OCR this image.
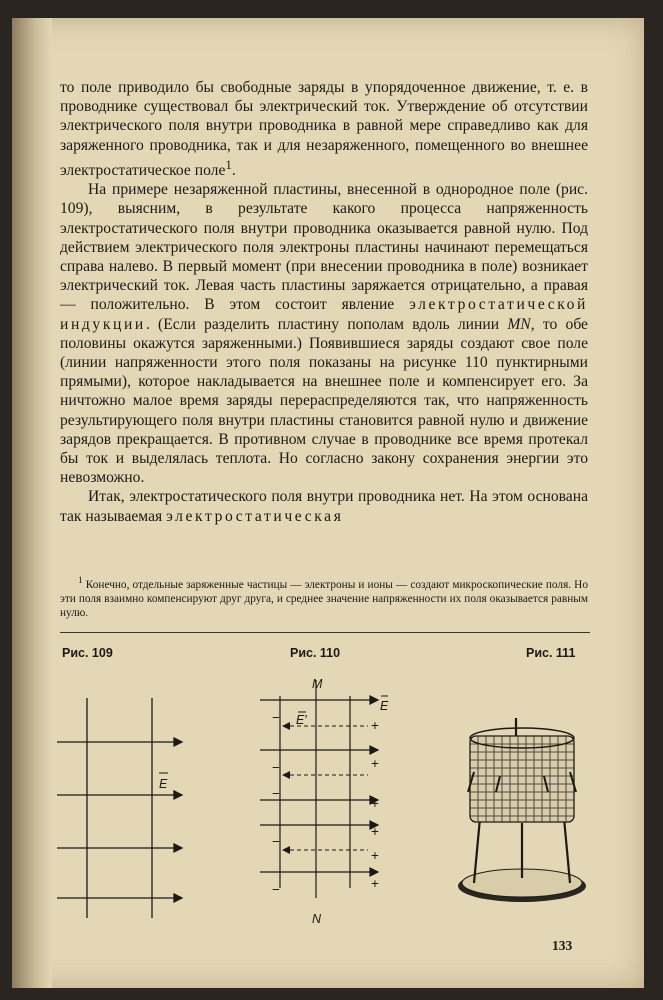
то поле приводило бы свободные заряды в упорядоченное движение, т. е. в проводнике существовал бы электрический ток. Утверждение об отсутствии электрического поля внутри проводника в равной мере справедливо как для заряженного проводника, так и для незаряженного, помещенного во внешнее электростатическое поле$^1$.

На примере незаряженной пластины, внесенной в однородное поле (рис. 109), выясним, в результате какого процесса напряженность электростатического поля внутри проводника оказывается равной нулю. Под действием электрического поля электроны пластины начинают перемещаться справа налево. В первый момент (при внесении проводника в поле) возникает электрический ток. Левая часть пластины заряжается отрицательно, а правая — положительно. В этом состоит явление электростатической индукции. (Если разделить пластину пополам вдоль линии MN, то обе половины окажутся заряженными.) Появившиеся заряды создают свое поле (линии напряженности этого поля показаны на рисунке 110 пунктирными прямыми), которое накладывается на внешнее поле и компенсирует его. За ничтожно малое время заряды перераспределяются так, что напряженность результирующего поля внутри пластины становится равной нулю и движение зарядов прекращается. В противном случае в проводнике все время протекал бы ток и выделялась теплота. Но согласно закону сохранения энергии это невозможно.

Итак, электростатического поля внутри проводника нет. На этом основана так называемая электростатическая

$^1$ Конечно, отдельные заряженные частицы — электроны и ионы — создают микроскопические поля. Но эти поля взаимно компенсируют друг друга, и среднее значение напряженности их поля оказывается равным нулю.
Рис. 109	Рис. 110	Рис. 111
E
M
N
E
E′
−
−
−
−
−
+
+
+
+
+
+
133
